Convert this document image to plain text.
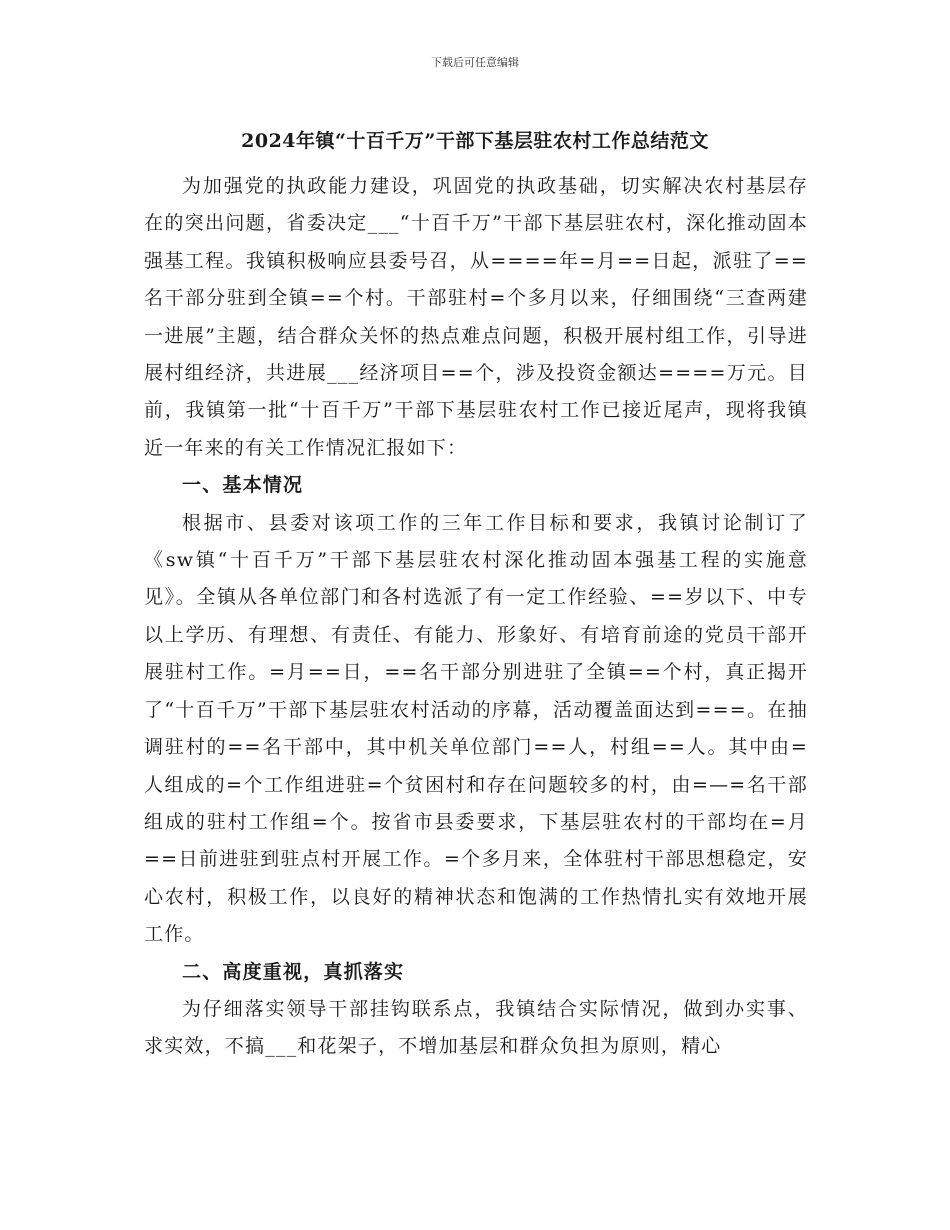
下载后可任意编辑
2024年镇“十百千万”干部下基层驻农村工作总结范文

为加强党的执政能力建设，巩固党的执政基础，切实解决农村基层存在的突出问题，省委决定___“十百千万”干部下基层驻农村，深化推动固本强基工程。我镇积极响应县委号召，从====年=月==日起，派驻了==名干部分驻到全镇==个村。干部驻村=个多月以来，仔细围绕“三查两建一进展”主题，结合群众关怀的热点难点问题，积极开展村组工作，引导进展村组经济，共进展___经济项目==个，涉及投资金额达====万元。目前，我镇第一批“十百千万”干部下基层驻农村工作已接近尾声，现将我镇近一年来的有关工作情况汇报如下：

一、基本情况

根据市、县委对该项工作的三年工作目标和要求，我镇讨论制订了《sw镇“十百千万”干部下基层驻农村深化推动固本强基工程的实施意见》。全镇从各单位部门和各村选派了有一定工作经验、==岁以下、中专以上学历、有理想、有责任、有能力、形象好、有培育前途的党员干部开展驻村工作。=月==日，==名干部分别进驻了全镇==个村，真正揭开了“十百千万”干部下基层驻农村活动的序幕，活动覆盖面达到===。在抽调驻村的==名干部中，其中机关单位部门==人，村组==人。其中由=人组成的=个工作组进驻=个贫困村和存在问题较多的村，由=—=名干部组成的驻村工作组=个。按省市县委要求，下基层驻农村的干部均在=月==日前进驻到驻点村开展工作。=个多月来，全体驻村干部思想稳定，安心农村，积极工作，以良好的精神状态和饱满的工作热情扎实有效地开展工作。

二、高度重视，真抓落实

为仔细落实领导干部挂钩联系点，我镇结合实际情况，做到办实事、求实效，不搞___和花架子，不增加基层和群众负担为原则，精心
